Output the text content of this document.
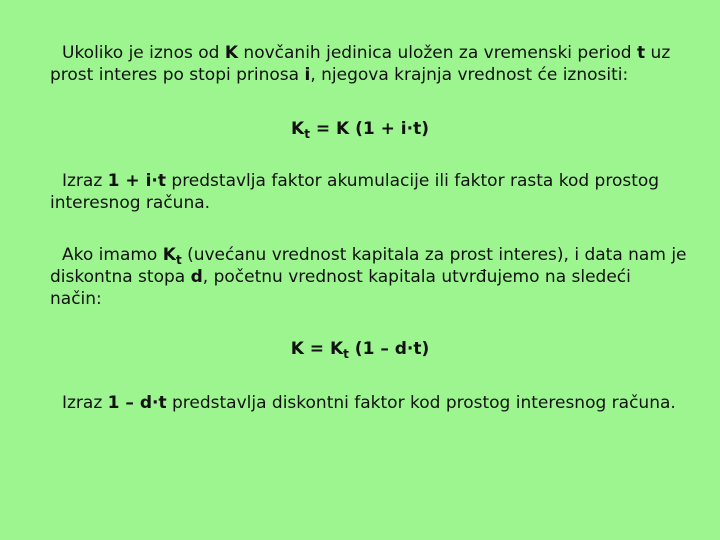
Ukoliko je iznos od K novčanih jedinica uložen za vremenski period t uz
prost interes po stopi prinosa i, njegova krajnja vrednost će iznositi:

$K_t = K$ (1 + i·t)

Izraz 1 + i·t predstavlja faktor akumulacije ili faktor rasta kod prostog
interesnog računa.

Ako imamo $K_t$ (uvećanu vrednost kapitala za prost interes), i data nam je
diskontna stopa d, početnu vrednost kapitala utvrđujemo na sledeći
način:

$K = K_t$ (1 – d·t)

Izraz 1 – d·t predstavlja diskontni faktor kod prostog interesnog računa.
